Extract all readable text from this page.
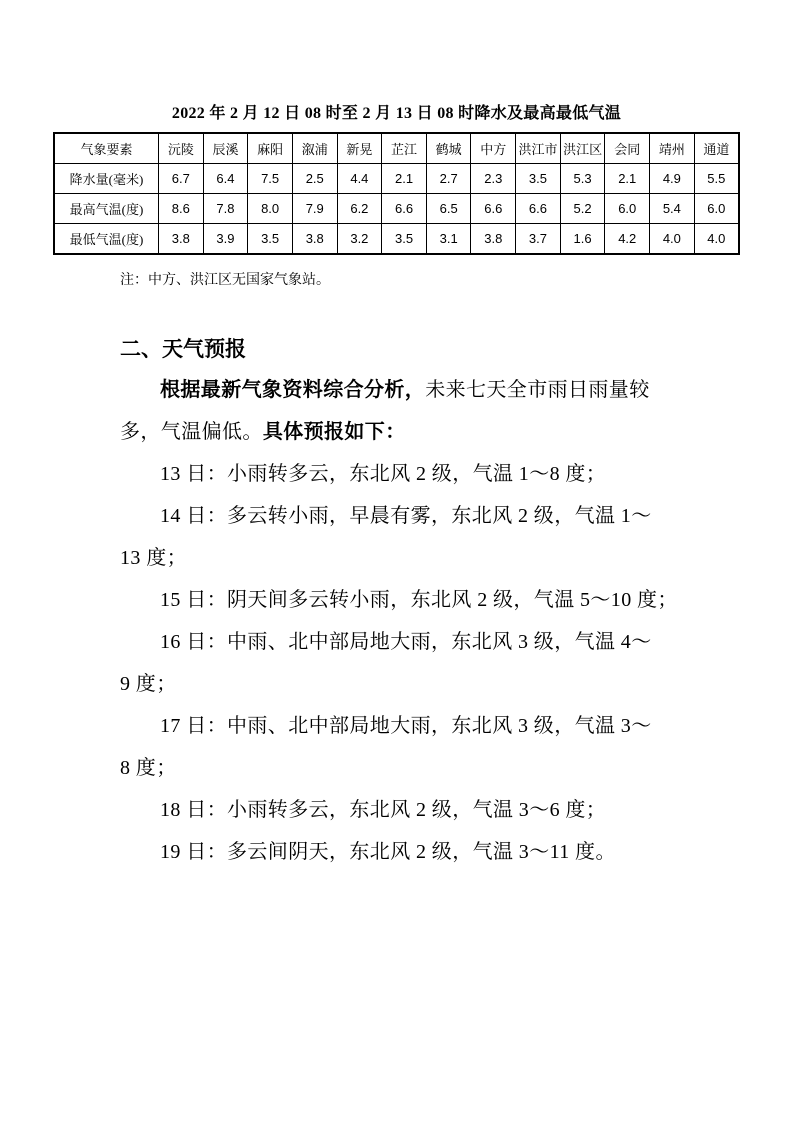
2022 年 2 月 12 日 08 时至 2 月 13 日 08 时降水及最高最低气温
气象要素	沅陵	辰溪	麻阳	溆浦	新晃	芷江	鹤城	中方	洪江市	洪江区	会同	靖州	通道
降水量(毫米)	6.7	6.4	7.5	2.5	4.4	2.1	2.7	2.3	3.5	5.3	2.1	4.9	5.5
最高气温(度)	8.6	7.8	8.0	7.9	6.2	6.6	6.5	6.6	6.6	5.2	6.0	5.4	6.0
最低气温(度)	3.8	3.9	3.5	3.8	3.2	3.5	3.1	3.8	3.7	1.6	4.2	4.0	4.0
注：中方、洪江区无国家气象站。
二、天气预报
根据最新气象资料综合分析，未来七天全市雨日雨量较
多，气温偏低。具体预报如下：
13 日：小雨转多云，东北风 2 级，气温 1～8 度；
14 日：多云转小雨，早晨有雾，东北风 2 级，气温 1～
13 度；
15 日：阴天间多云转小雨，东北风 2 级，气温 5～10 度；
16 日：中雨、北中部局地大雨，东北风 3 级，气温 4～
9 度；
17 日：中雨、北中部局地大雨，东北风 3 级，气温 3～
8 度；
18 日：小雨转多云，东北风 2 级，气温 3～6 度；
19 日：多云间阴天，东北风 2 级，气温 3～11 度。
